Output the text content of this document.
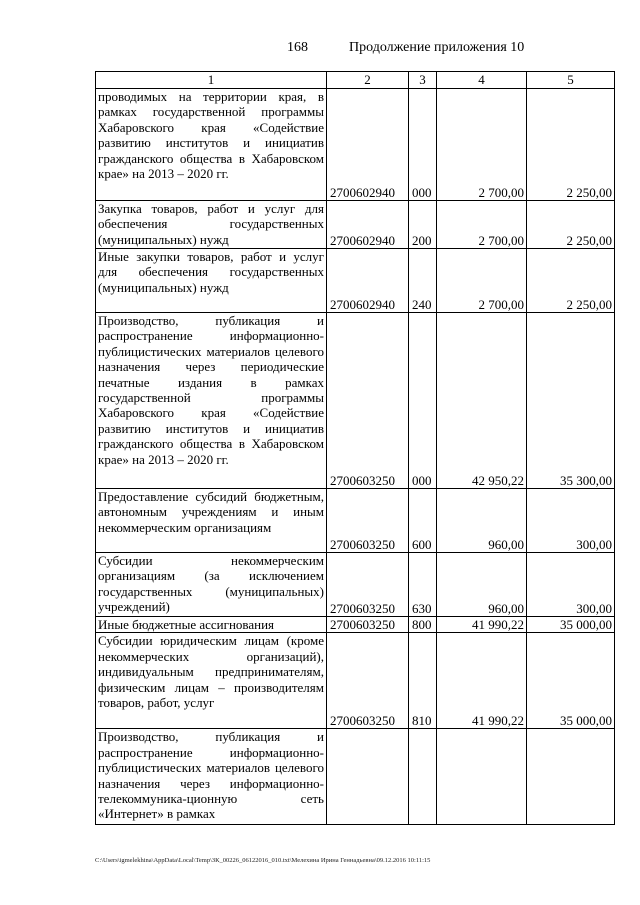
168	Продолжение приложения 10
1	2	3	4	5
проводимых на территории края, в рамках государственной программы Хабаровского края «Содействие развитию институтов и инициатив гражданского общества в Хабаровском крае» на 2013 – 2020 гг.	2700602940	000	2 700,00	2 250,00
Закупка товаров, работ и услуг для обеспечения государственных (муниципальных) нужд	2700602940	200	2 700,00	2 250,00
Иные закупки товаров, работ и услуг для обеспечения государственных (муниципальных) нужд	2700602940	240	2 700,00	2 250,00
Производство, публикация и распространение информационно-публицистических материалов целевого назначения через периодические печатные издания в рамках государственной программы Хабаровского края «Содействие развитию институтов и инициатив гражданского общества в Хабаровском крае» на 2013 – 2020 гг.	2700603250	000	42 950,22	35 300,00
Предоставление субсидий бюджетным, автономным учреждениям и иным некоммерческим организациям	2700603250	600	960,00	300,00
Субсидии некоммерческим организациям (за исключением государственных (муниципальных) учреждений)	2700603250	630	960,00	300,00
Иные бюджетные ассигнования	2700603250	800	41 990,22	35 000,00
Субсидии юридическим лицам (кроме некоммерческих организаций), индивидуальным предпринимателям, физическим лицам – производителям товаров, работ, услуг	2700603250	810	41 990,22	35 000,00
Производство, публикация и распространение информационно-публицистических материалов целевого назначения через информационно-телекоммуника-ционную сеть «Интернет» в рамках				
C:\Users\igmelekhina\AppData\Local\Temp\ЗК_00226_06122016_010.txt\Мелехина Ирина Геннадьевна\09.12.2016 10:11:15
